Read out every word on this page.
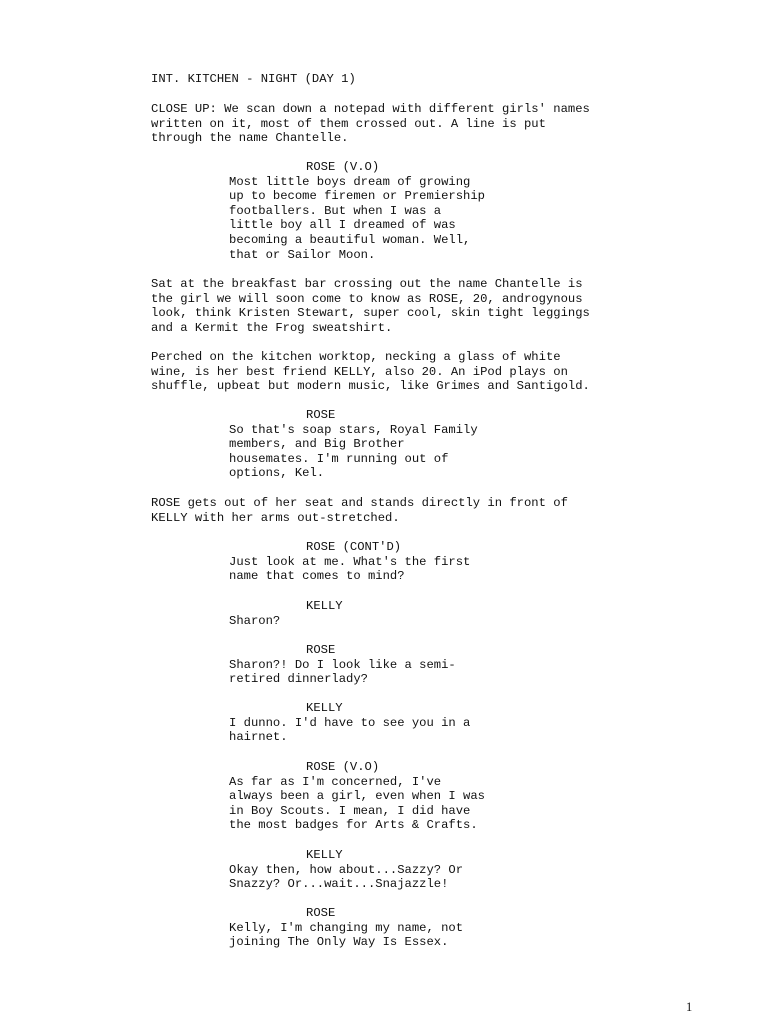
INT. KITCHEN - NIGHT (DAY 1)
CLOSE UP: We scan down a notepad with different girls' names
written on it, most of them crossed out. A line is put
through the name Chantelle.
ROSE (V.O)
Most little boys dream of growing
up to become firemen or Premiership
footballers. But when I was a
little boy all I dreamed of was
becoming a beautiful woman. Well,
that or Sailor Moon.
Sat at the breakfast bar crossing out the name Chantelle is
the girl we will soon come to know as ROSE, 20, androgynous
look, think Kristen Stewart, super cool, skin tight leggings
and a Kermit the Frog sweatshirt.
Perched on the kitchen worktop, necking a glass of white
wine, is her best friend KELLY, also 20. An iPod plays on
shuffle, upbeat but modern music, like Grimes and Santigold.
ROSE
So that's soap stars, Royal Family
members, and Big Brother
housemates. I'm running out of
options, Kel.
ROSE gets out of her seat and stands directly in front of
KELLY with her arms out-stretched.
ROSE (CONT'D)
Just look at me. What's the first
name that comes to mind?
KELLY
Sharon?
ROSE
Sharon?! Do I look like a semi-
retired dinnerlady?
KELLY
I dunno. I'd have to see you in a
hairnet.
ROSE (V.O)
As far as I'm concerned, I've
always been a girl, even when I was
in Boy Scouts. I mean, I did have
the most badges for Arts & Crafts.
KELLY
Okay then, how about...Sazzy? Or
Snazzy? Or...wait...Snajazzle!
ROSE
Kelly, I'm changing my name, not
joining The Only Way Is Essex.
1
